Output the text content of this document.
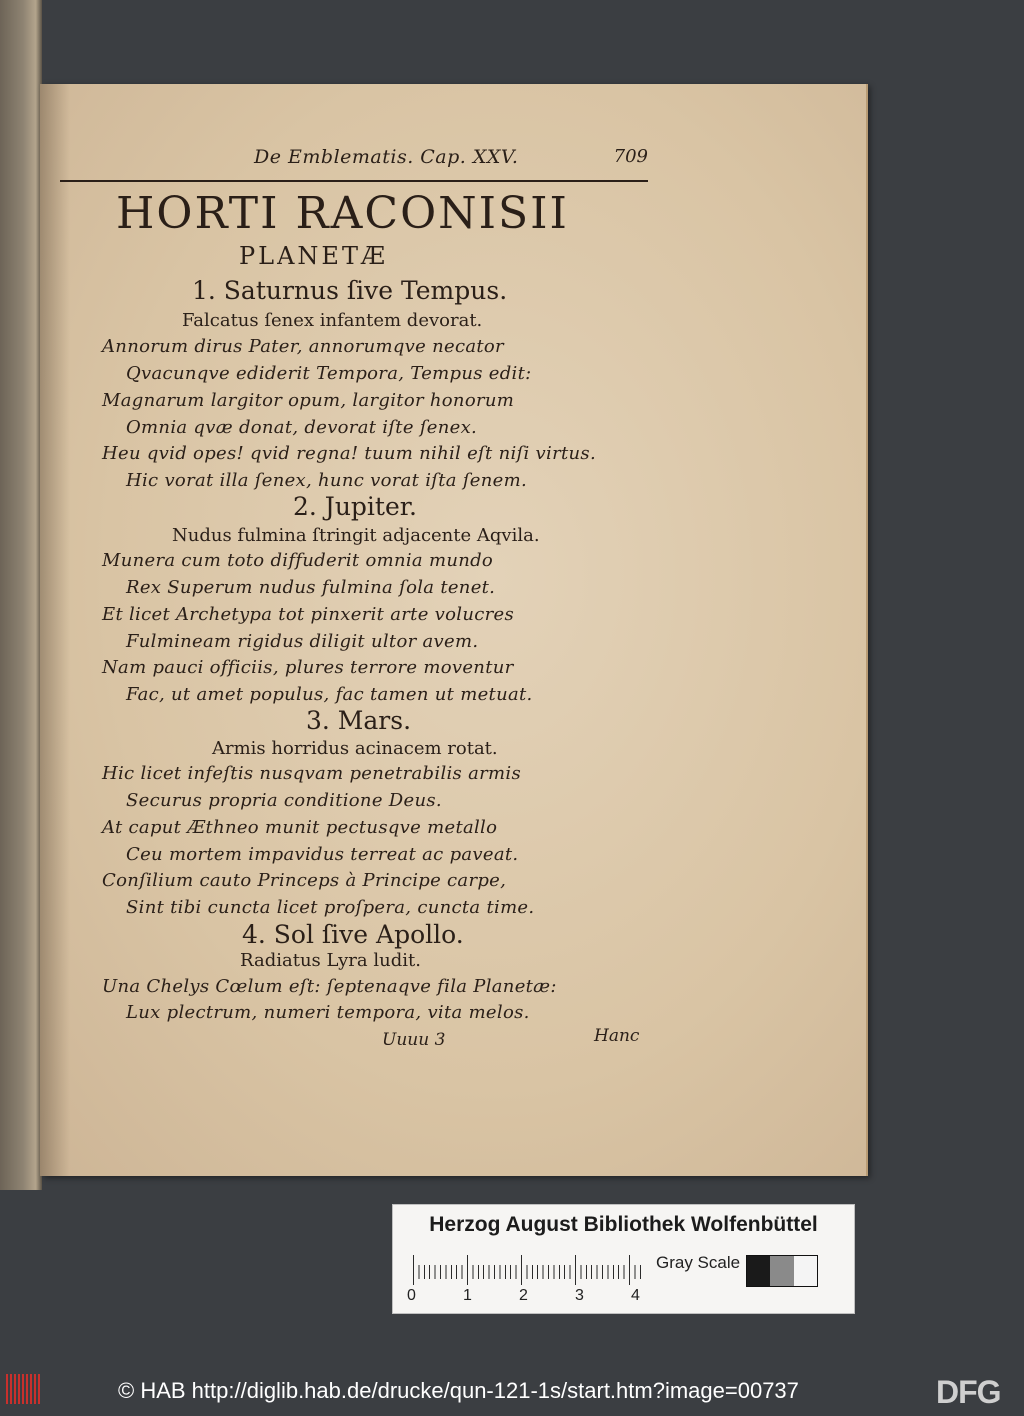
De Emblematis. Cap. XXV.	709
HORTI RACONISII
PLANETÆ
1. Saturnus ſive Tempus.
Falcatus ſenex infantem devorat.
Annorum dirus Pater, annorumqve necator
Qvacunqve ediderit Tempora, Tempus edit:
Magnarum largitor opum, largitor honorum
Omnia qvæ donat, devorat iſte ſenex.
Heu qvid opes! qvid regna! tuum nihil eſt niſi virtus.
Hic vorat illa ſenex, hunc vorat iſta ſenem.
2. Jupiter.
Nudus fulmina ſtringit adjacente Aqvila.
Munera cum toto diffuderit omnia mundo
Rex Superum nudus fulmina ſola tenet.
Et licet Archetypa tot pinxerit arte volucres
Fulmineam rigidus diligit ultor avem.
Nam pauci officiis, plures terrore moventur
Fac, ut amet populus, fac tamen ut metuat.
3. Mars.
Armis horridus acinacem rotat.
Hic licet infeſtis nusqvam penetrabilis armis
Securus propria conditione Deus.
At caput Æthneo munit pectusqve metallo
Ceu mortem impavidus terreat ac paveat.
Conſilium cauto Princeps à Principe carpe,
Sint tibi cuncta licet proſpera, cuncta time.
4. Sol ſive Apollo.
Radiatus Lyra ludit.
Una Chelys Cœlum eſt: ſeptenaqve fila Planetæ:
Lux plectrum, numeri tempora, vita melos.
Uuuu 3	Hanc
Herzog August Bibliothek Wolfenbüttel
0	1	2	3	4
Gray Scale
© HAB http://diglib.hab.de/drucke/qun-121-1s/start.htm?image=00737	DFG
